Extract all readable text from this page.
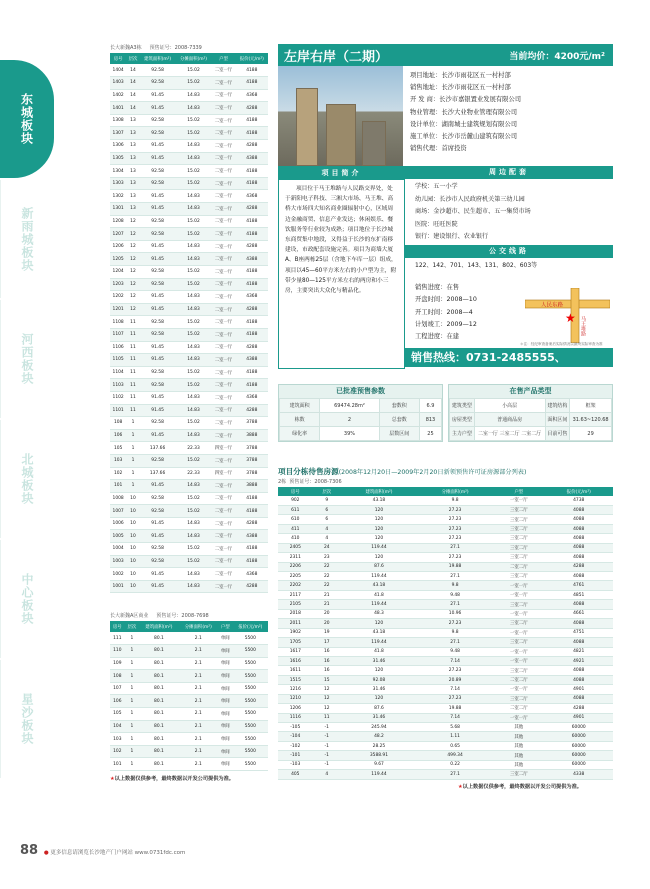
东城板块
新雨城板块
河西板块
北城板块
中心板块
星沙板块
长大新魏A3栋 预售证号：2008-7339
房号	层次	建筑面积(m²)	分摊面积(m²)	户型	报价(元/m²)
1404	14	92.58	15.02	二室一厅	4188
1403	14	92.58	15.02	二室一厅	4188
1402	14	91.45	14.83	二室一厅	4368
1401	14	91.45	14.83	二室一厅	4288
1308	13	92.58	15.02	二室一厅	4188
1307	13	92.58	15.02	二室一厅	4188
1306	13	91.45	14.83	二室一厅	4288
1305	13	91.45	14.83	二室一厅	4388
1304	13	92.58	15.02	二室一厅	4188
1303	13	92.58	15.02	二室一厅	4188
1302	13	91.45	14.83	二室一厅	4368
1301	13	91.45	14.83	二室一厅	4288
1208	12	92.58	15.02	二室一厅	4188
1207	12	92.58	15.02	二室一厅	4188
1206	12	91.45	14.83	二室一厅	4288
1205	12	91.45	14.83	二室一厅	4388
1204	12	92.58	15.02	二室一厅	4188
1203	12	92.58	15.02	二室一厅	4188
1202	12	91.45	14.83	二室一厅	4368
1201	12	91.45	14.83	二室一厅	4288
1108	11	92.58	15.02	二室一厅	4188
1107	11	92.58	15.02	二室一厅	4188
1106	11	91.45	14.83	二室一厅	4288
1105	11	91.45	14.83	二室一厅	4388
1104	11	92.58	15.02	二室一厅	4188
1103	11	92.58	15.02	二室一厅	4188
1102	11	91.45	14.83	二室一厅	4368
1101	11	91.45	14.83	二室一厅	4288
108	1	92.58	15.02	二室一厅	3788
106	1	91.45	14.83	二室一厅	3888
105	1	137.66	22.33	四室一厅	3788
103	1	92.58	15.02	二室一厅	3788
102	1	137.66	22.33	四室一厅	3788
101	1	91.45	14.83	二室一厅	3888
1008	10	92.58	15.02	二室一厅	4188
1007	10	92.58	15.02	二室一厅	4188
1006	10	91.45	14.83	二室一厅	4288
1005	10	91.45	14.83	二室一厅	4388
1004	10	92.58	15.02	二室一厅	4188
1003	10	92.58	15.02	二室一厅	4188
1002	10	91.45	14.83	二室一厅	4368
1001	10	91.45	14.83	二室一厅	4288
长大新魏A区商业 预售证号：2008-7698
房号	层次	建筑面积(m²)	分摊面积(m²)	户型	报价(元/m²)
111	1	80.1	2.1	单间	5500
110	1	80.1	2.1	单间	5500
109	1	80.1	2.1	单间	5500
108	1	80.1	2.1	单间	5500
107	1	80.1	2.1	单间	5500
106	1	80.1	2.1	单间	5500
105	1	80.1	2.1	单间	5500
104	1	80.1	2.1	单间	5500
103	1	80.1	2.1	单间	5500
102	1	80.1	2.1	单间	5500
101	1	80.1	2.1	单间	5500
★以上数据仅供参考，最终数据以开发公司提供为准。
左岸右岸（二期）	当前均价：4200元/m²
项目地址：长沙市雨花区五一村村部
销售地址：长沙市雨花区五一村村部
开 发 商：长沙市嘉银置业发展有限公司
物业管理：长沙大业物业管理有限公司
设计单位：湖南城士建筑规划有限公司
施工单位：长沙市岳麓山建筑有限公司
销售代理：首席投资
项目简介
项目位于马王堆路与人民路交界处，处于新阳电子科技、三湘大市场、马王堆、高桥大市场四大知名商业圈辐射中心，区域周边金融商贸、信息产业发达；休闲娱乐、餐饮服务等行业较为成熟；项目地位于长沙城东商贸集中地段，又得益于长沙的东扩南移建设，市政配套设施完善。项目为商墙大厦A、B座两栋25层（含地下车库一层）组成，项目以45—60平方米左右的小户型为主，附带少量80—125平方米左右的两房和小三房，主要突出大众化与精品化。
周边配套
学校：五一小学
幼儿园：长沙市人民政府机关第三幼儿园
商场：金沙超市、民生超市、五一集贸市场
医院：旺旺医院
银行：建设银行、农业银行
公交线路
122、142、701、143、131、802、603等
销售进度：在售
开盘时间：2008—10
开工时间：2008—4
计划竣工：2009—12
工程进度：在建
人民东路
马王堆路
★
＊注：经纪审查备案后实际情况以最终实际审查为准
销售热线：0731-2485555、2487777
已批准预售参数
建筑面积	69474.28m²	套数积	6.9
栋数	2	总套数	813
绿化率	39%	层数区间	25
在售产品类型
建筑类型	小高层	建筑结构	框架
房屋类型	普通商品房	面积区间	31.63~120.68
主力户型	二室一厅 三室二厅 二室二厅	目前可售	29
项目分栋待售房源(2008年12月20日—2009年2月20日新领预售许可证房源部分列表)
2栋 预售证号：2008-7306
房号	层次	建筑面积(m²)	分摊面积(m²)	户型	报价(元/m²)
902	9	43.18	9.8	一室一厅	4738
611	6	120	27.23	三室二厅	4088
610	6	120	27.23	三室二厅	4088
411	4	120	27.23	三室二厅	4088
410	4	120	27.23	三室二厅	4088
2405	24	119.44	27.1	三室二厅	4088
2311	23	120	27.23	三室二厅	4088
2206	22	87.6	19.88	二室二厅	4288
2205	22	119.44	27.1	三室二厅	4088
2202	22	43.18	9.8	一室一厅	4761
2117	21	41.8	9.48	一室一厅	4851
2105	21	119.44	27.1	三室二厅	4088
2018	20	48.3	10.96	一室一厅	4661
2011	20	120	27.23	三室二厅	4088
1902	19	43.18	9.8	一室一厅	4751
1705	17	119.44	27.1	三室二厅	4088
1617	16	41.8	9.48	一室一厅	4821
1616	16	31.46	7.14	一室一厅	4921
1611	16	120	27.23	三室二厅	4088
1515	15	92.08	20.89	二室二厅	4088
1216	12	31.46	7.14	一室一厅	4901
1210	12	120	27.23	三室二厅	4088
1206	12	87.6	19.88	二室二厅	4288
1116	11	31.46	7.14	一室一厅	4901
-105	-1	245.94	5.68	其他	60000
-104	-1	48.2	1.11	其他	60000
-102	-1	28.25	0.65	其他	60000
-101	-1	3588.91	499.34	其他	60000
-103	-1	9.67	0.22	其他	60000
405	4	119.44	27.1	三室二厅	4338
★以上数据仅供参考，最终数据以开发公司提供为准。
88 ● 更多信息请浏览长沙地产门户网站 www.0731fdc.com
